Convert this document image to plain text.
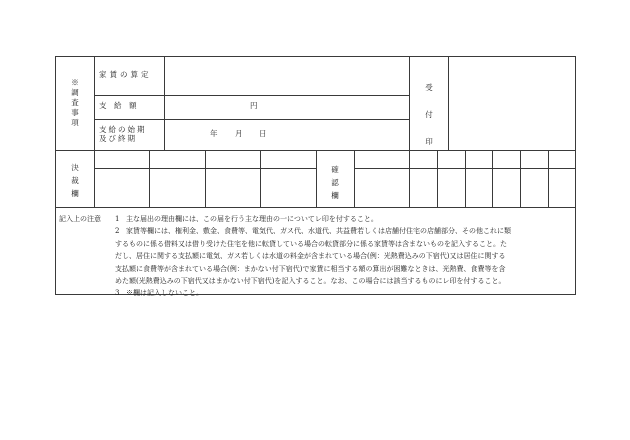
※調査事項
家賃の算定
支　給　額	円
支給の始期
及び終期
年 月 日
受付印
決裁欄
確認欄
記入上の注意 1 主な届出の理由欄には、この届を行う主な理由の一についてレ印を付すること。
2 家賃等欄には、権利金、敷金、食費等、電気代、ガス代、水道代、共益費若しくは店舗付住宅の店舗部分、その他これに類
するものに係る借料又は借り受けた住宅を他に転貸している場合の転貸部分に係る家賃等は含まないものを記入すること。た
だし、居住に関する支払額に電気、ガス若しくは水道の料金が含まれている場合(例：光熱費込みの下宿代)又は居住に関する
支払額に食費等が含まれている場合(例：まかない付下宿代)で家賃に相当する額の算出が困難なときは、光熱費、食費等を含
めた額(光熱費込みの下宿代又はまかない付下宿代)を記入すること。なお、この場合には該当するものにレ印を付すること。
3 ※欄は記入しないこと。
